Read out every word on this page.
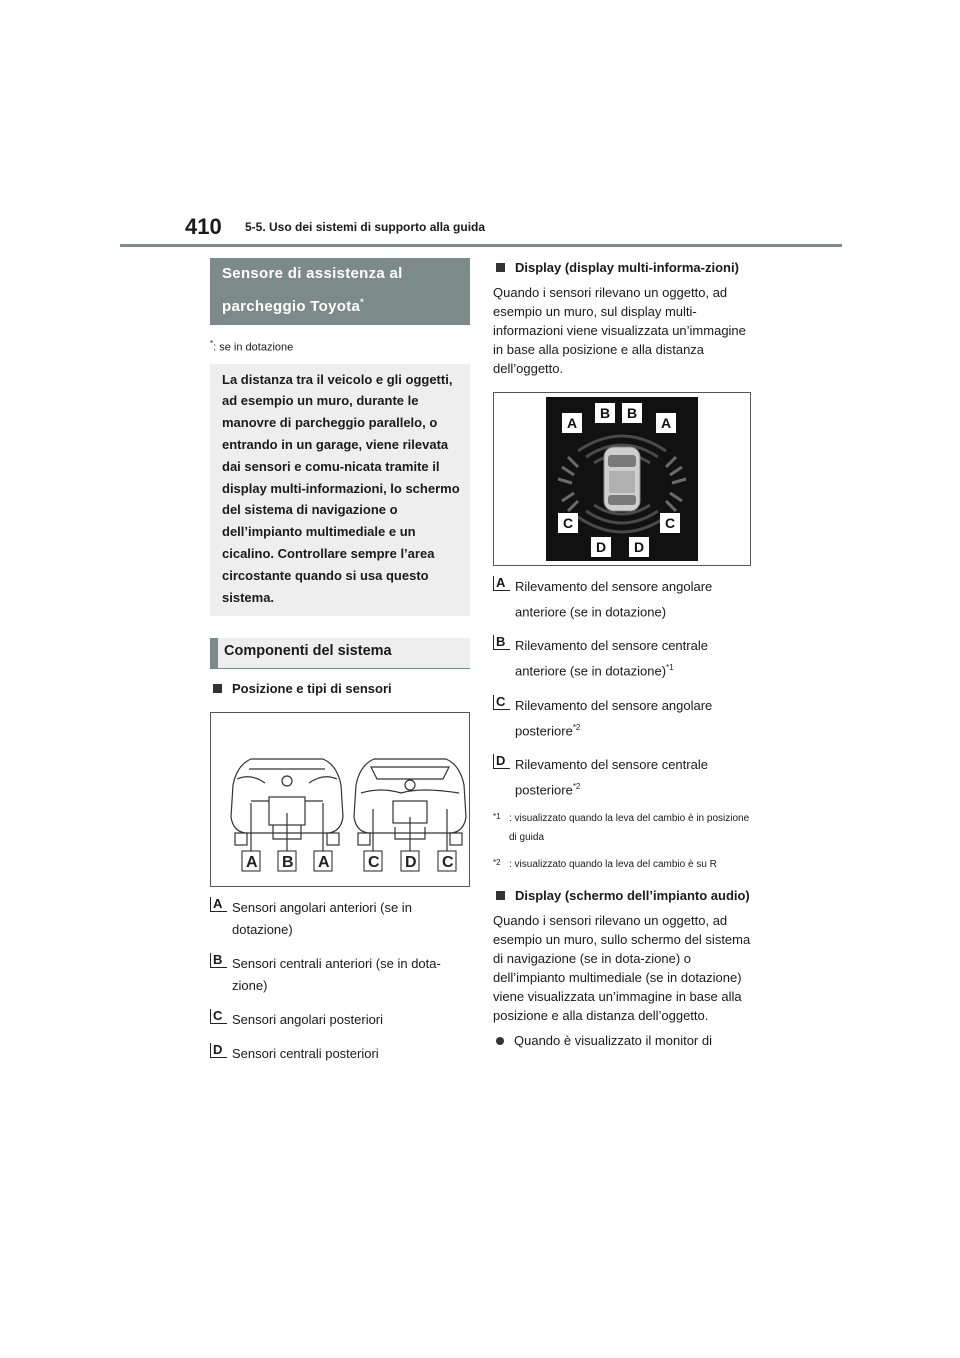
410 5-5. Uso dei sistemi di supporto alla guida
Sensore di assistenza al parcheggio Toyota*
*: se in dotazione
La distanza tra il veicolo e gli oggetti, ad esempio un muro, durante le manovre di parcheggio parallelo, o entrando in un garage, viene rilevata dai sensori e comu-nicata tramite il display multi-informazioni, lo schermo del sistema di navigazione o dell’impianto multimediale e un cicalino. Controllare sempre l’area circostante quando si usa questo sistema.
Componenti del sistema
Posizione e tipi di sensori
A B A C D C
A Sensori angolari anteriori (se in dotazione)
B Sensori centrali anteriori (se in dota-zione)
C Sensori angolari posteriori
D Sensori centrali posteriori
Display (display multi-informa-zioni)
Quando i sensori rilevano un oggetto, ad esempio un muro, sul display multi-informazioni viene visualizzata un’immagine in base alla posizione e alla distanza dell’oggetto.
A
B B
A
C	C
D D
A Rilevamento del sensore angolare anteriore (se in dotazione)
B Rilevamento del sensore centrale anteriore (se in dotazione)$^{*1}$
C Rilevamento del sensore angolare posteriore$^{*2}$
D Rilevamento del sensore centrale posteriore$^{*2}$
$^{*1}$ : visualizzato quando la leva del cambio è in posizione di guida
$^{*2}$ : visualizzato quando la leva del cambio è su R
Display (schermo dell’impianto audio)
Quando i sensori rilevano un oggetto, ad esempio un muro, sullo schermo del sistema di navigazione (se in dota-zione) o dell’impianto multimediale (se in dotazione) viene visualizzata un’immagine in base alla posizione e alla distanza dell’oggetto.
Quando è visualizzato il monitor di
